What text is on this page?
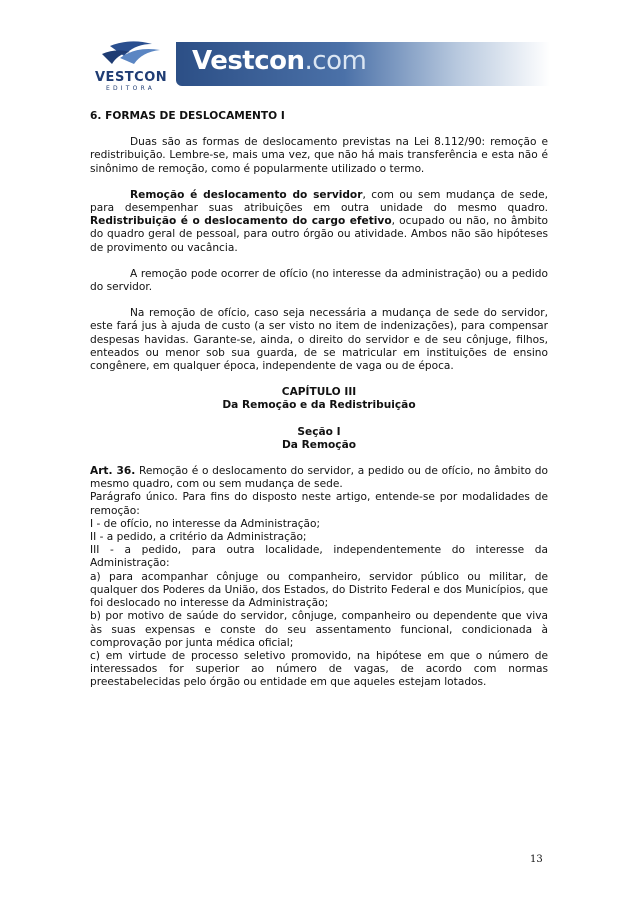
VESTCON
EDITORA
Vestcon.com

6. FORMAS DE DESLOCAMENTO I

Duas são as formas de deslocamento previstas na Lei 8.112/90: remoção e redistribuição. Lembre-se, mais uma vez, que não há mais transferência e esta não é sinônimo de remoção, como é popularmente utilizado o termo.

Remoção é deslocamento do servidor, com ou sem mudança de sede, para desempenhar suas atribuições em outra unidade do mesmo quadro. Redistribuição é o deslocamento do cargo efetivo, ocupado ou não, no âmbito do quadro geral de pessoal, para outro órgão ou atividade. Ambos não são hipóteses de provimento ou vacância.

A remoção pode ocorrer de ofício (no interesse da administração) ou a pedido do servidor.

Na remoção de ofício, caso seja necessária a mudança de sede do servidor, este fará jus à ajuda de custo (a ser visto no item de indenizações), para compensar despesas havidas. Garante-se, ainda, o direito do servidor e de seu cônjuge, filhos, enteados ou menor sob sua guarda, de se matricular em instituições de ensino congênere, em qualquer época, independente de vaga ou de época.

CAPÍTULO III

Da Remoção e da Redistribuição

Seção I

Da Remoção

Art. 36. Remoção é o deslocamento do servidor, a pedido ou de ofício, no âmbito do mesmo quadro, com ou sem mudança de sede.

Parágrafo único. Para fins do disposto neste artigo, entende-se por modalidades de remoção:

I - de ofício, no interesse da Administração;

II - a pedido, a critério da Administração;

III - a pedido, para outra localidade, independentemente do interesse da Administração:

a) para acompanhar cônjuge ou companheiro, servidor público ou militar, de qualquer dos Poderes da União, dos Estados, do Distrito Federal e dos Municípios, que foi deslocado no interesse da Administração;

b) por motivo de saúde do servidor, cônjuge, companheiro ou dependente que viva às suas expensas e conste do seu assentamento funcional, condicionada à comprovação por junta médica oficial;

c) em virtude de processo seletivo promovido, na hipótese em que o número de interessados for superior ao número de vagas, de acordo com normas preestabelecidas pelo órgão ou entidade em que aqueles estejam lotados.

13
